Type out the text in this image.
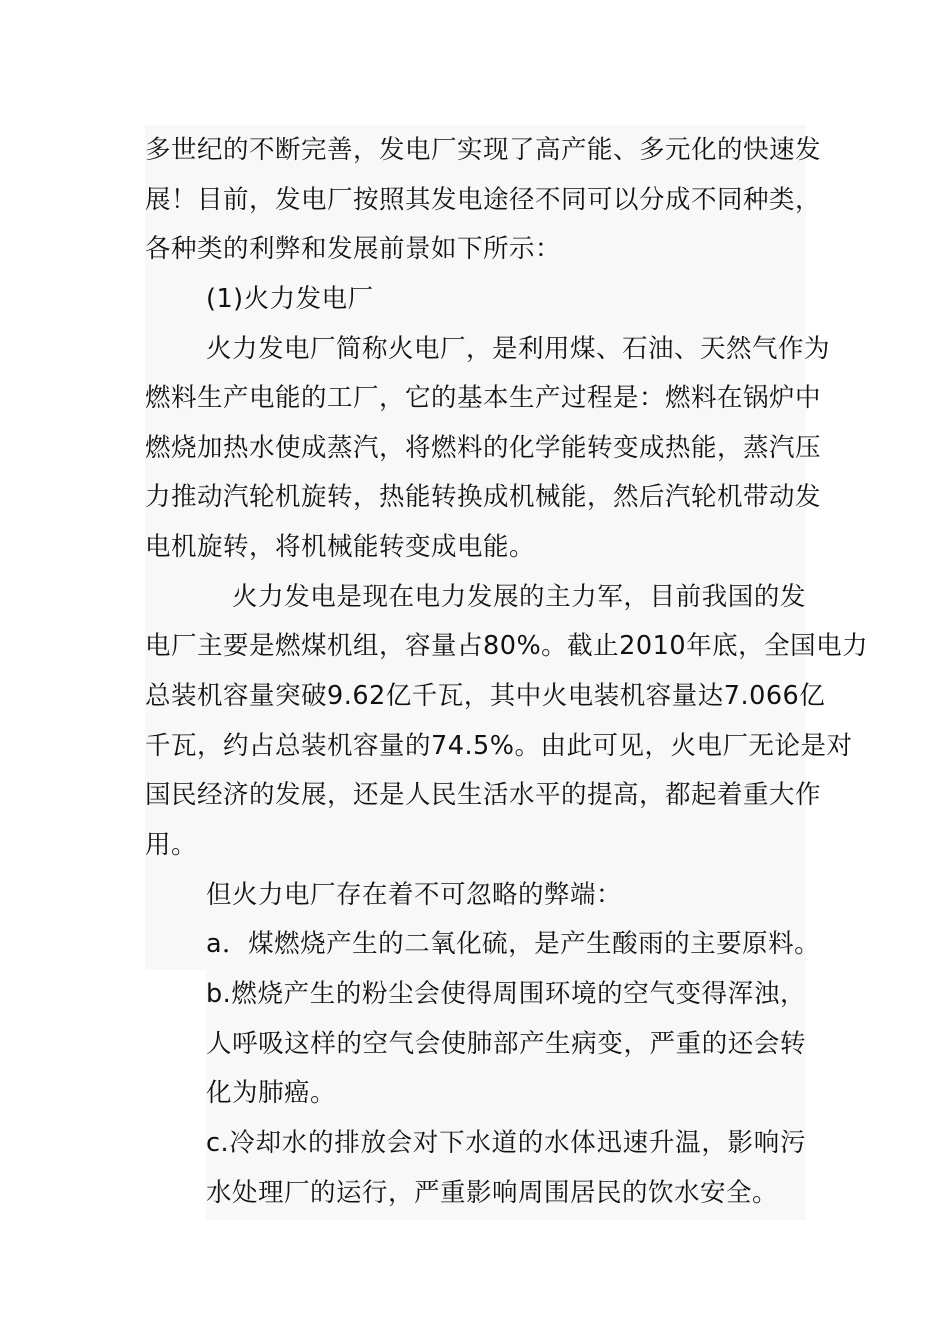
多世纪的不断完善，发电厂实现了高产能、多元化的快速发
展！目前，发电厂按照其发电途径不同可以分成不同种类，
各种类的利弊和发展前景如下所示：
(1)火力发电厂
火力发电厂简称火电厂，是利用煤、石油、天然气作为
燃料生产电能的工厂，它的基本生产过程是：燃料在锅炉中
燃烧加热水使成蒸汽，将燃料的化学能转变成热能，蒸汽压
力推动汽轮机旋转，热能转换成机械能，然后汽轮机带动发
电机旋转，将机械能转变成电能。
火力发电是现在电力发展的主力军，目前我国的发
电厂主要是燃煤机组，容量占80%。截止2010年底，全国电力
总装机容量突破9.62亿千瓦，其中火电装机容量达7.066亿
千瓦，约占总装机容量的74.5%。由此可见，火电厂无论是对
国民经济的发展，还是人民生活水平的提高，都起着重大作
用。
但火力电厂存在着不可忽略的弊端：
a．煤燃烧产生的二氧化硫，是产生酸雨的主要原料。
b.燃烧产生的粉尘会使得周围环境的空气变得浑浊，
人呼吸这样的空气会使肺部产生病变，严重的还会转
化为肺癌。
c.冷却水的排放会对下水道的水体迅速升温，影响污
水处理厂的运行，严重影响周围居民的饮水安全。
